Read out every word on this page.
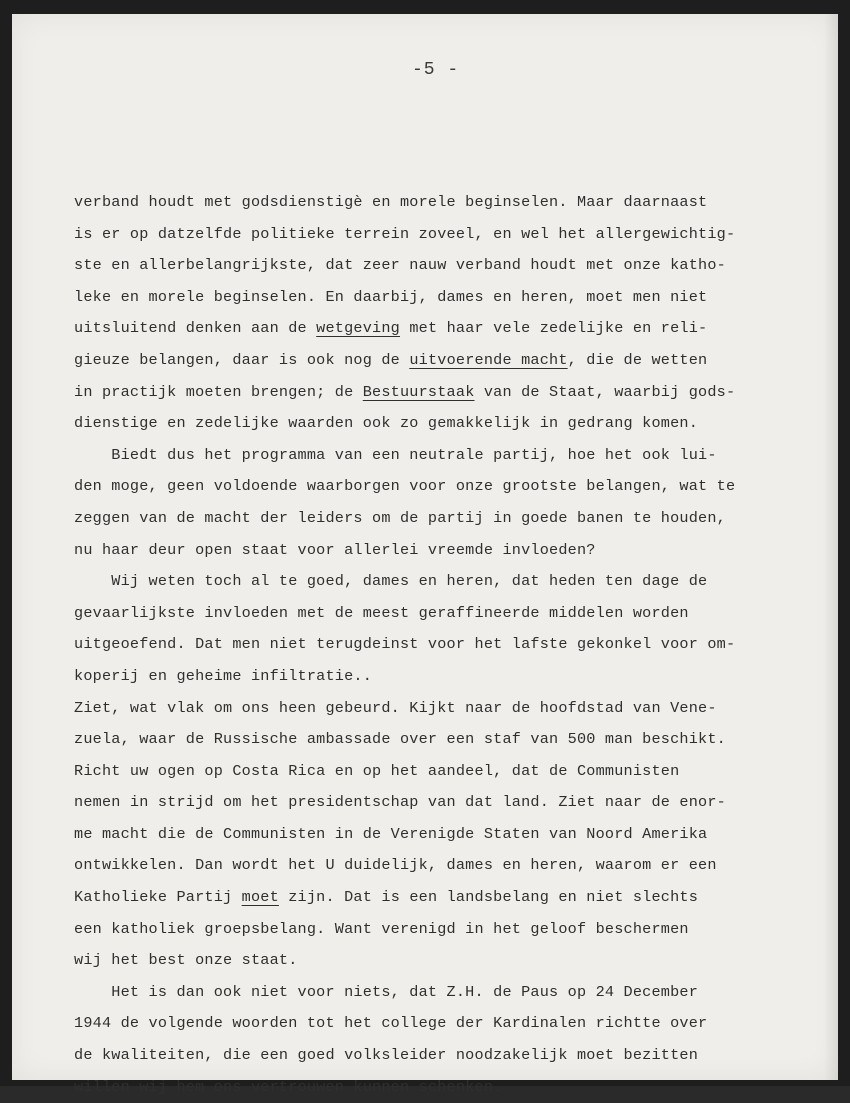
-5 -

verband houdt met godsdienstigè en morele beginselen. Maar daarnaast
is er op datzelfde politieke terrein zoveel, en wel het allergewichtig-
ste en allerbelangrijkste, dat zeer nauw verband houdt met onze katho-
leke en morele beginselen. En daarbij, dames en heren, moet men niet
uitsluitend denken aan de wetgeving met haar vele zedelijke en reli-
gieuze belangen, daar is ook nog de uitvoerende macht, die de wetten
in practijk moeten brengen; de Bestuurstaak van de Staat, waarbij gods-
dienstige en zedelijke waarden ook zo gemakkelijk in gedrang komen.
Biedt dus het programma van een neutrale partij, hoe het ook lui-
den moge, geen voldoende waarborgen voor onze grootste belangen, wat te
zeggen van de macht der leiders om de partij in goede banen te houden,
nu haar deur open staat voor allerlei vreemde invloeden?
Wij weten toch al te goed, dames en heren, dat heden ten dage de
gevaarlijkste invloeden met de meest geraffineerde middelen worden
uitgeoefend. Dat men niet terugdeinst voor het lafste gekonkel voor om-
koperij en geheime infiltratie..
Ziet, wat vlak om ons heen gebeurd. Kijkt naar de hoofdstad van Vene-
zuela, waar de Russische ambassade over een staf van 500 man beschikt.
Richt uw ogen op Costa Rica en op het aandeel, dat de Communisten
nemen in strijd om het presidentschap van dat land. Ziet naar de enor-
me macht die de Communisten in de Verenigde Staten van Noord Amerika
ontwikkelen. Dan wordt het U duidelijk, dames en heren, waarom er een
Katholieke Partij moet zijn. Dat is een landsbelang en niet slechts
een katholiek groepsbelang. Want verenigd in het geloof beschermen
wij het best onze staat.
Het is dan ook niet voor niets, dat Z.H. de Paus op 24 December
1944 de volgende woorden tot het college der Kardinalen richtte over
de kwaliteiten, die een goed volksleider noodzakelijk moet bezitten
willen wij hem ons vertrouwen kunnen schenken.
